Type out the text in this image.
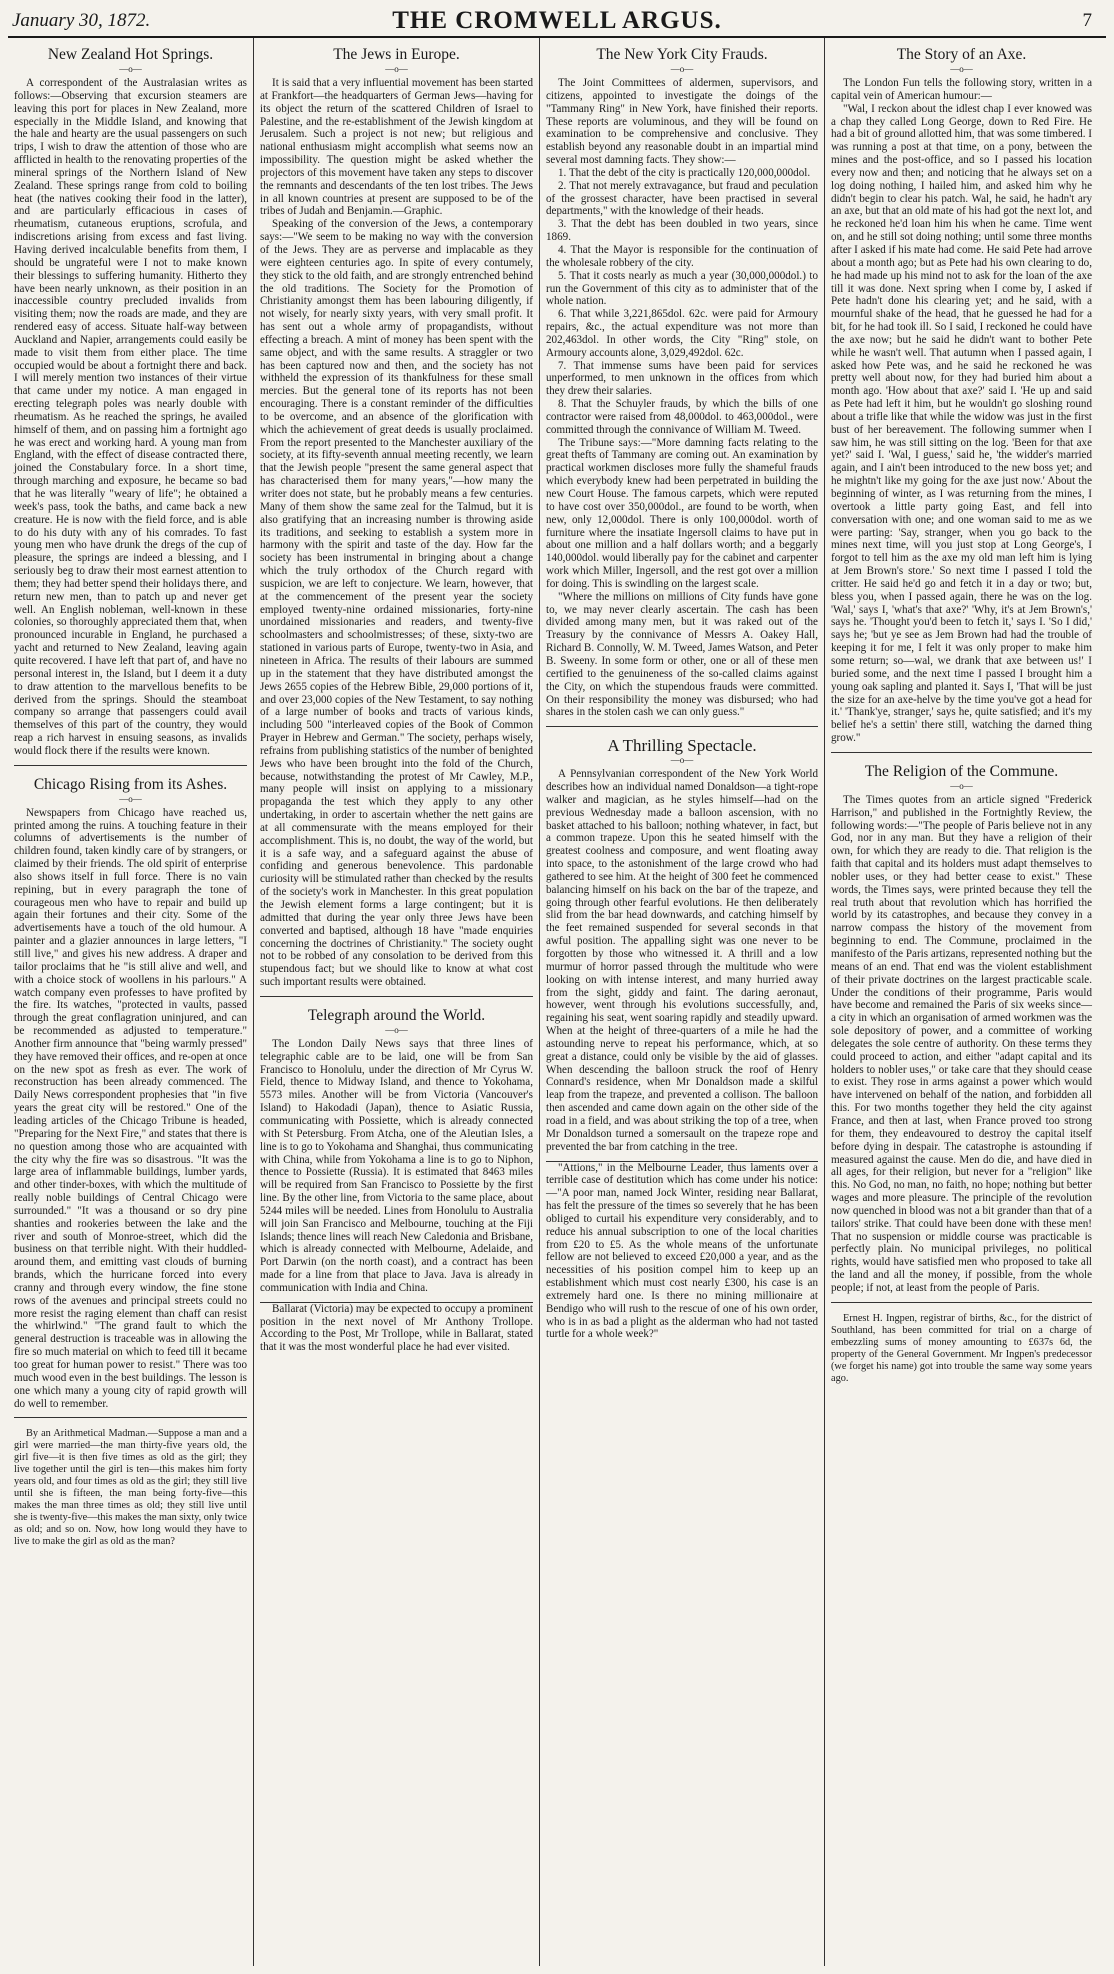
January 30, 1872.	THE CROMWELL ARGUS.	7
New Zealand Hot Springs.
—o—

A correspondent of the Australasian writes as follows:—Observing that excursion steamers are leaving this port for places in New Zealand, more especially in the Middle Island, and knowing that the hale and hearty are the usual passengers on such trips, I wish to draw the attention of those who are afflicted in health to the renovating properties of the mineral springs of the Northern Island of New Zealand. These springs range from cold to boiling heat (the natives cooking their food in the latter), and are particularly efficacious in cases of rheumatism, cutaneous eruptions, scrofula, and indiscretions arising from excess and fast living. Having derived incalculable benefits from them, I should be ungrateful were I not to make known their blessings to suffering humanity. Hitherto they have been nearly unknown, as their position in an inaccessible country precluded invalids from visiting them; now the roads are made, and they are rendered easy of access. Situate half-way between Auckland and Napier, arrangements could easily be made to visit them from either place. The time occupied would be about a fortnight there and back. I will merely mention two instances of their virtue that came under my notice. A man engaged in erecting telegraph poles was nearly double with rheumatism. As he reached the springs, he availed himself of them, and on passing him a fortnight ago he was erect and working hard. A young man from England, with the effect of disease contracted there, joined the Constabulary force. In a short time, through marching and exposure, he became so bad that he was literally "weary of life"; he obtained a week's pass, took the baths, and came back a new creature. He is now with the field force, and is able to do his duty with any of his comrades. To fast young men who have drunk the dregs of the cup of pleasure, the springs are indeed a blessing, and I seriously beg to draw their most earnest attention to them; they had better spend their holidays there, and return new men, than to patch up and never get well. An English nobleman, well-known in these colonies, so thoroughly appreciated them that, when pronounced incurable in England, he purchased a yacht and returned to New Zealand, leaving again quite recovered. I have left that part of, and have no personal interest in, the Island, but I deem it a duty to draw attention to the marvellous benefits to be derived from the springs. Should the steamboat company so arrange that passengers could avail themselves of this part of the country, they would reap a rich harvest in ensuing seasons, as invalids would flock there if the results were known.

Chicago Rising from its Ashes.
—o—

Newspapers from Chicago have reached us, printed among the ruins. A touching feature in their columns of advertisements is the number of children found, taken kindly care of by strangers, or claimed by their friends. The old spirit of enterprise also shows itself in full force. There is no vain repining, but in every paragraph the tone of courageous men who have to repair and build up again their fortunes and their city. Some of the advertisements have a touch of the old humour. A painter and a glazier announces in large letters, "I still live," and gives his new address. A draper and tailor proclaims that he "is still alive and well, and with a choice stock of woollens in his parlours." A watch company even professes to have profited by the fire. Its watches, "protected in vaults, passed through the great conflagration uninjured, and can be recommended as adjusted to temperature." Another firm announce that "being warmly pressed" they have removed their offices, and re-open at once on the new spot as fresh as ever. The work of reconstruction has been already commenced. The Daily News correspondent prophesies that "in five years the great city will be restored." One of the leading articles of the Chicago Tribune is headed, "Preparing for the Next Fire," and states that there is no question among those who are acquainted with the city why the fire was so disastrous. "It was the large area of inflammable buildings, lumber yards, and other tinder-boxes, with which the multitude of really noble buildings of Central Chicago were surrounded." "It was a thousand or so dry pine shanties and rookeries between the lake and the river and south of Monroe-street, which did the business on that terrible night. With their huddled-around them, and emitting vast clouds of burning brands, which the hurricane forced into every cranny and through every window, the fine stone rows of the avenues and principal streets could no more resist the raging element than chaff can resist the whirlwind." "The grand fault to which the general destruction is traceable was in allowing the fire so much material on which to feed till it became too great for human power to resist." There was too much wood even in the best buildings. The lesson is one which many a young city of rapid growth will do well to remember.

By an Arithmetical Madman.—Suppose a man and a girl were married—the man thirty-five years old, the girl five—it is then five times as old as the girl; they live together until the girl is ten—this makes him forty years old, and four times as old as the girl; they still live until she is fifteen, the man being forty-five—this makes the man three times as old; they still live until she is twenty-five—this makes the man sixty, only twice as old; and so on. Now, how long would they have to live to make the girl as old as the man?

The Jews in Europe.
—o—

It is said that a very influential movement has been started at Frankfort—the headquarters of German Jews—having for its object the return of the scattered Children of Israel to Palestine, and the re-establishment of the Jewish kingdom at Jerusalem. Such a project is not new; but religious and national enthusiasm might accomplish what seems now an impossibility. The question might be asked whether the projectors of this movement have taken any steps to discover the remnants and descendants of the ten lost tribes. The Jews in all known countries at present are supposed to be of the tribes of Judah and Benjamin.—Graphic.

Speaking of the conversion of the Jews, a contemporary says:—"We seem to be making no way with the conversion of the Jews. They are as perverse and implacable as they were eighteen centuries ago. In spite of every contumely, they stick to the old faith, and are strongly entrenched behind the old traditions. The Society for the Promotion of Christianity amongst them has been labouring diligently, if not wisely, for nearly sixty years, with very small profit. It has sent out a whole army of propagandists, without effecting a breach. A mint of money has been spent with the same object, and with the same results. A straggler or two has been captured now and then, and the society has not withheld the expression of its thankfulness for these small mercies. But the general tone of its reports has not been encouraging. There is a constant reminder of the difficulties to be overcome, and an absence of the glorification with which the achievement of great deeds is usually proclaimed. From the report presented to the Manchester auxiliary of the society, at its fifty-seventh annual meeting recently, we learn that the Jewish people "present the same general aspect that has characterised them for many years,"—how many the writer does not state, but he probably means a few centuries. Many of them show the same zeal for the Talmud, but it is also gratifying that an increasing number is throwing aside its traditions, and seeking to establish a system more in harmony with the spirit and taste of the day. How far the society has been instrumental in bringing about a change which the truly orthodox of the Church regard with suspicion, we are left to conjecture. We learn, however, that at the commencement of the present year the society employed twenty-nine ordained missionaries, forty-nine unordained missionaries and readers, and twenty-five schoolmasters and schoolmistresses; of these, sixty-two are stationed in various parts of Europe, twenty-two in Asia, and nineteen in Africa. The results of their labours are summed up in the statement that they have distributed amongst the Jews 2655 copies of the Hebrew Bible, 29,000 portions of it, and over 23,000 copies of the New Testament, to say nothing of a large number of books and tracts of various kinds, including 500 "interleaved copies of the Book of Common Prayer in Hebrew and German." The society, perhaps wisely, refrains from publishing statistics of the number of benighted Jews who have been brought into the fold of the Church, because, notwithstanding the protest of Mr Cawley, M.P., many people will insist on applying to a missionary propaganda the test which they apply to any other undertaking, in order to ascertain whether the nett gains are at all commensurate with the means employed for their accomplishment. This is, no doubt, the way of the world, but it is a safe way, and a safeguard against the abuse of confiding and generous benevolence. This pardonable curiosity will be stimulated rather than checked by the results of the society's work in Manchester. In this great population the Jewish element forms a large contingent; but it is admitted that during the year only three Jews have been converted and baptised, although 18 have "made enquiries concerning the doctrines of Christianity." The society ought not to be robbed of any consolation to be derived from this stupendous fact; but we should like to know at what cost such important results were obtained.

Telegraph around the World.
—o—

The London Daily News says that three lines of telegraphic cable are to be laid, one will be from San Francisco to Honolulu, under the direction of Mr Cyrus W. Field, thence to Midway Island, and thence to Yokohama, 5573 miles. Another will be from Victoria (Vancouver's Island) to Hakodadi (Japan), thence to Asiatic Russia, communicating with Possiette, which is already connected with St Petersburg. From Atcha, one of the Aleutian Isles, a line is to go to Yokohama and Shanghai, thus communicating with China, while from Yokohama a line is to go to Niphon, thence to Possiette (Russia). It is estimated that 8463 miles will be required from San Francisco to Possiette by the first line. By the other line, from Victoria to the same place, about 5244 miles will be needed. Lines from Honolulu to Australia will join San Francisco and Melbourne, touching at the Fiji Islands; thence lines will reach New Caledonia and Brisbane, which is already connected with Melbourne, Adelaide, and Port Darwin (on the north coast), and a contract has been made for a line from that place to Java. Java is already in communication with India and China.

Ballarat (Victoria) may be expected to occupy a prominent position in the next novel of Mr Anthony Trollope. According to the Post, Mr Trollope, while in Ballarat, stated that it was the most wonderful place he had ever visited.

The New York City Frauds.
—o—

The Joint Committees of aldermen, supervisors, and citizens, appointed to investigate the doings of the "Tammany Ring" in New York, have finished their reports. These reports are voluminous, and they will be found on examination to be comprehensive and conclusive. They establish beyond any reasonable doubt in an impartial mind several most damning facts. They show:—

1. That the debt of the city is practically 120,000,000dol.

2. That not merely extravagance, but fraud and peculation of the grossest character, have been practised in several departments," with the knowledge of their heads.

3. That the debt has been doubled in two years, since 1869.

4. That the Mayor is responsible for the continuation of the wholesale robbery of the city.

5. That it costs nearly as much a year (30,000,000dol.) to run the Government of this city as to administer that of the whole nation.

6. That while 3,221,865dol. 62c. were paid for Armoury repairs, &c., the actual expenditure was not more than 202,463dol. In other words, the City "Ring" stole, on Armoury accounts alone, 3,029,492dol. 62c.

7. That immense sums have been paid for services unperformed, to men unknown in the offices from which they drew their salaries.

8. That the Schuyler frauds, by which the bills of one contractor were raised from 48,000dol. to 463,000dol., were committed through the connivance of William M. Tweed.

The Tribune says:—"More damning facts relating to the great thefts of Tammany are coming out. An examination by practical workmen discloses more fully the shameful frauds which everybody knew had been perpetrated in building the new Court House. The famous carpets, which were reputed to have cost over 350,000dol., are found to be worth, when new, only 12,000dol. There is only 100,000dol. worth of furniture where the insatiate Ingersoll claims to have put in about one million and a half dollars worth; and a beggarly 140,000dol. would liberally pay for the cabinet and carpenter work which Miller, Ingersoll, and the rest got over a million for doing. This is swindling on the largest scale.

"Where the millions on millions of City funds have gone to, we may never clearly ascertain. The cash has been divided among many men, but it was raked out of the Treasury by the connivance of Messrs A. Oakey Hall, Richard B. Connolly, W. M. Tweed, James Watson, and Peter B. Sweeny. In some form or other, one or all of these men certified to the genuineness of the so-called claims against the City, on which the stupendous frauds were committed. On their responsibility the money was disbursed; who had shares in the stolen cash we can only guess."

A Thrilling Spectacle.
—o—

A Pennsylvanian correspondent of the New York World describes how an individual named Donaldson—a tight-rope walker and magician, as he styles himself—had on the previous Wednesday made a balloon ascension, with no basket attached to his balloon; nothing whatever, in fact, but a common trapeze. Upon this he seated himself with the greatest coolness and composure, and went floating away into space, to the astonishment of the large crowd who had gathered to see him. At the height of 300 feet he commenced balancing himself on his back on the bar of the trapeze, and going through other fearful evolutions. He then deliberately slid from the bar head downwards, and catching himself by the feet remained suspended for several seconds in that awful position. The appalling sight was one never to be forgotten by those who witnessed it. A thrill and a low murmur of horror passed through the multitude who were looking on with intense interest, and many hurried away from the sight, giddy and faint. The daring aeronaut, however, went through his evolutions successfully, and, regaining his seat, went soaring rapidly and steadily upward. When at the height of three-quarters of a mile he had the astounding nerve to repeat his performance, which, at so great a distance, could only be visible by the aid of glasses. When descending the balloon struck the roof of Henry Connard's residence, when Mr Donaldson made a skilful leap from the trapeze, and prevented a collison. The balloon then ascended and came down again on the other side of the road in a field, and was about striking the top of a tree, when Mr Donaldson turned a somersault on the trapeze rope and prevented the bar from catching in the tree.

"Attions," in the Melbourne Leader, thus laments over a terrible case of destitution which has come under his notice:—"A poor man, named Jock Winter, residing near Ballarat, has felt the pressure of the times so severely that he has been obliged to curtail his expenditure very considerably, and to reduce his annual subscription to one of the local charities from £20 to £5. As the whole means of the unfortunate fellow are not believed to exceed £20,000 a year, and as the necessities of his position compel him to keep up an establishment which must cost nearly £300, his case is an extremely hard one. Is there no mining millionaire at Bendigo who will rush to the rescue of one of his own order, who is in as bad a plight as the alderman who had not tasted turtle for a whole week?"

The Story of an Axe.
—o—

The London Fun tells the following story, written in a capital vein of American humour:—

"Wal, I reckon about the idlest chap I ever knowed was a chap they called Long George, down to Red Fire. He had a bit of ground allotted him, that was some timbered. I was running a post at that time, on a pony, between the mines and the post-office, and so I passed his location every now and then; and noticing that he always set on a log doing nothing, I hailed him, and asked him why he didn't begin to clear his patch. Wal, he said, he hadn't ary an axe, but that an old mate of his had got the next lot, and he reckoned he'd loan him his when he came. Time went on, and he still sot doing nothing; until some three months after I asked if his mate had come. He said Pete had arrove about a month ago; but as Pete had his own clearing to do, he had made up his mind not to ask for the loan of the axe till it was done. Next spring when I come by, I asked if Pete hadn't done his clearing yet; and he said, with a mournful shake of the head, that he guessed he had for a bit, for he had took ill. So I said, I reckoned he could have the axe now; but he said he didn't want to bother Pete while he wasn't well. That autumn when I passed again, I asked how Pete was, and he said he reckoned he was pretty well about now, for they had buried him about a month ago. 'How about that axe?' said I. 'He up and said as Pete had left it him, but he wouldn't go sloshing round about a trifle like that while the widow was just in the first bust of her bereavement. The following summer when I saw him, he was still sitting on the log. 'Been for that axe yet?' said I. 'Wal, I guess,' said he, 'the widder's married again, and I ain't been introduced to the new boss yet; and he mightn't like my going for the axe just now.' About the beginning of winter, as I was returning from the mines, I overtook a little party going East, and fell into conversation with one; and one woman said to me as we were parting: 'Say, stranger, when you go back to the mines next time, will you just stop at Long George's, I forgot to tell him as the axe my old man left him is lying at Jem Brown's store.' So next time I passed I told the critter. He said he'd go and fetch it in a day or two; but, bless you, when I passed again, there he was on the log. 'Wal,' says I, 'what's that axe?' 'Why, it's at Jem Brown's,' says he. 'Thought you'd been to fetch it,' says I. 'So I did,' says he; 'but ye see as Jem Brown had had the trouble of keeping it for me, I felt it was only proper to make him some return; so—wal, we drank that axe between us!' I buried some, and the next time I passed I brought him a young oak sapling and planted it. Says I, 'That will be just the size for an axe-helve by the time you've got a head for it.' 'Thank'ye, stranger,' says he, quite satisfied; and it's my belief he's a settin' there still, watching the darned thing grow."

The Religion of the Commune.
—o—

The Times quotes from an article signed "Frederick Harrison," and published in the Fortnightly Review, the following words:—"The people of Paris believe not in any God, nor in any man. But they have a religion of their own, for which they are ready to die. That religion is the faith that capital and its holders must adapt themselves to nobler uses, or they had better cease to exist." These words, the Times says, were printed because they tell the real truth about that revolution which has horrified the world by its catastrophes, and because they convey in a narrow compass the history of the movement from beginning to end. The Commune, proclaimed in the manifesto of the Paris artizans, represented nothing but the means of an end. That end was the violent establishment of their private doctrines on the largest practicable scale. Under the conditions of their programme, Paris would have become and remained the Paris of six weeks since—a city in which an organisation of armed workmen was the sole depository of power, and a committee of working delegates the sole centre of authority. On these terms they could proceed to action, and either "adapt capital and its holders to nobler uses," or take care that they should cease to exist. They rose in arms against a power which would have intervened on behalf of the nation, and forbidden all this. For two months together they held the city against France, and then at last, when France proved too strong for them, they endeavoured to destroy the capital itself before dying in despair. The catastrophe is astounding if measured against the cause. Men do die, and have died in all ages, for their religion, but never for a "religion" like this. No God, no man, no faith, no hope; nothing but better wages and more pleasure. The principle of the revolution now quenched in blood was not a bit grander than that of a tailors' strike. That could have been done with these men! That no suspension or middle course was practicable is perfectly plain. No municipal privileges, no political rights, would have satisfied men who proposed to take all the land and all the money, if possible, from the whole people; if not, at least from the people of Paris.

Ernest H. Ingpen, registrar of births, &c., for the district of Southland, has been committed for trial on a charge of embezzling sums of money amounting to £637s 6d, the property of the General Government. Mr Ingpen's predecessor (we forget his name) got into trouble the same way some years ago.
